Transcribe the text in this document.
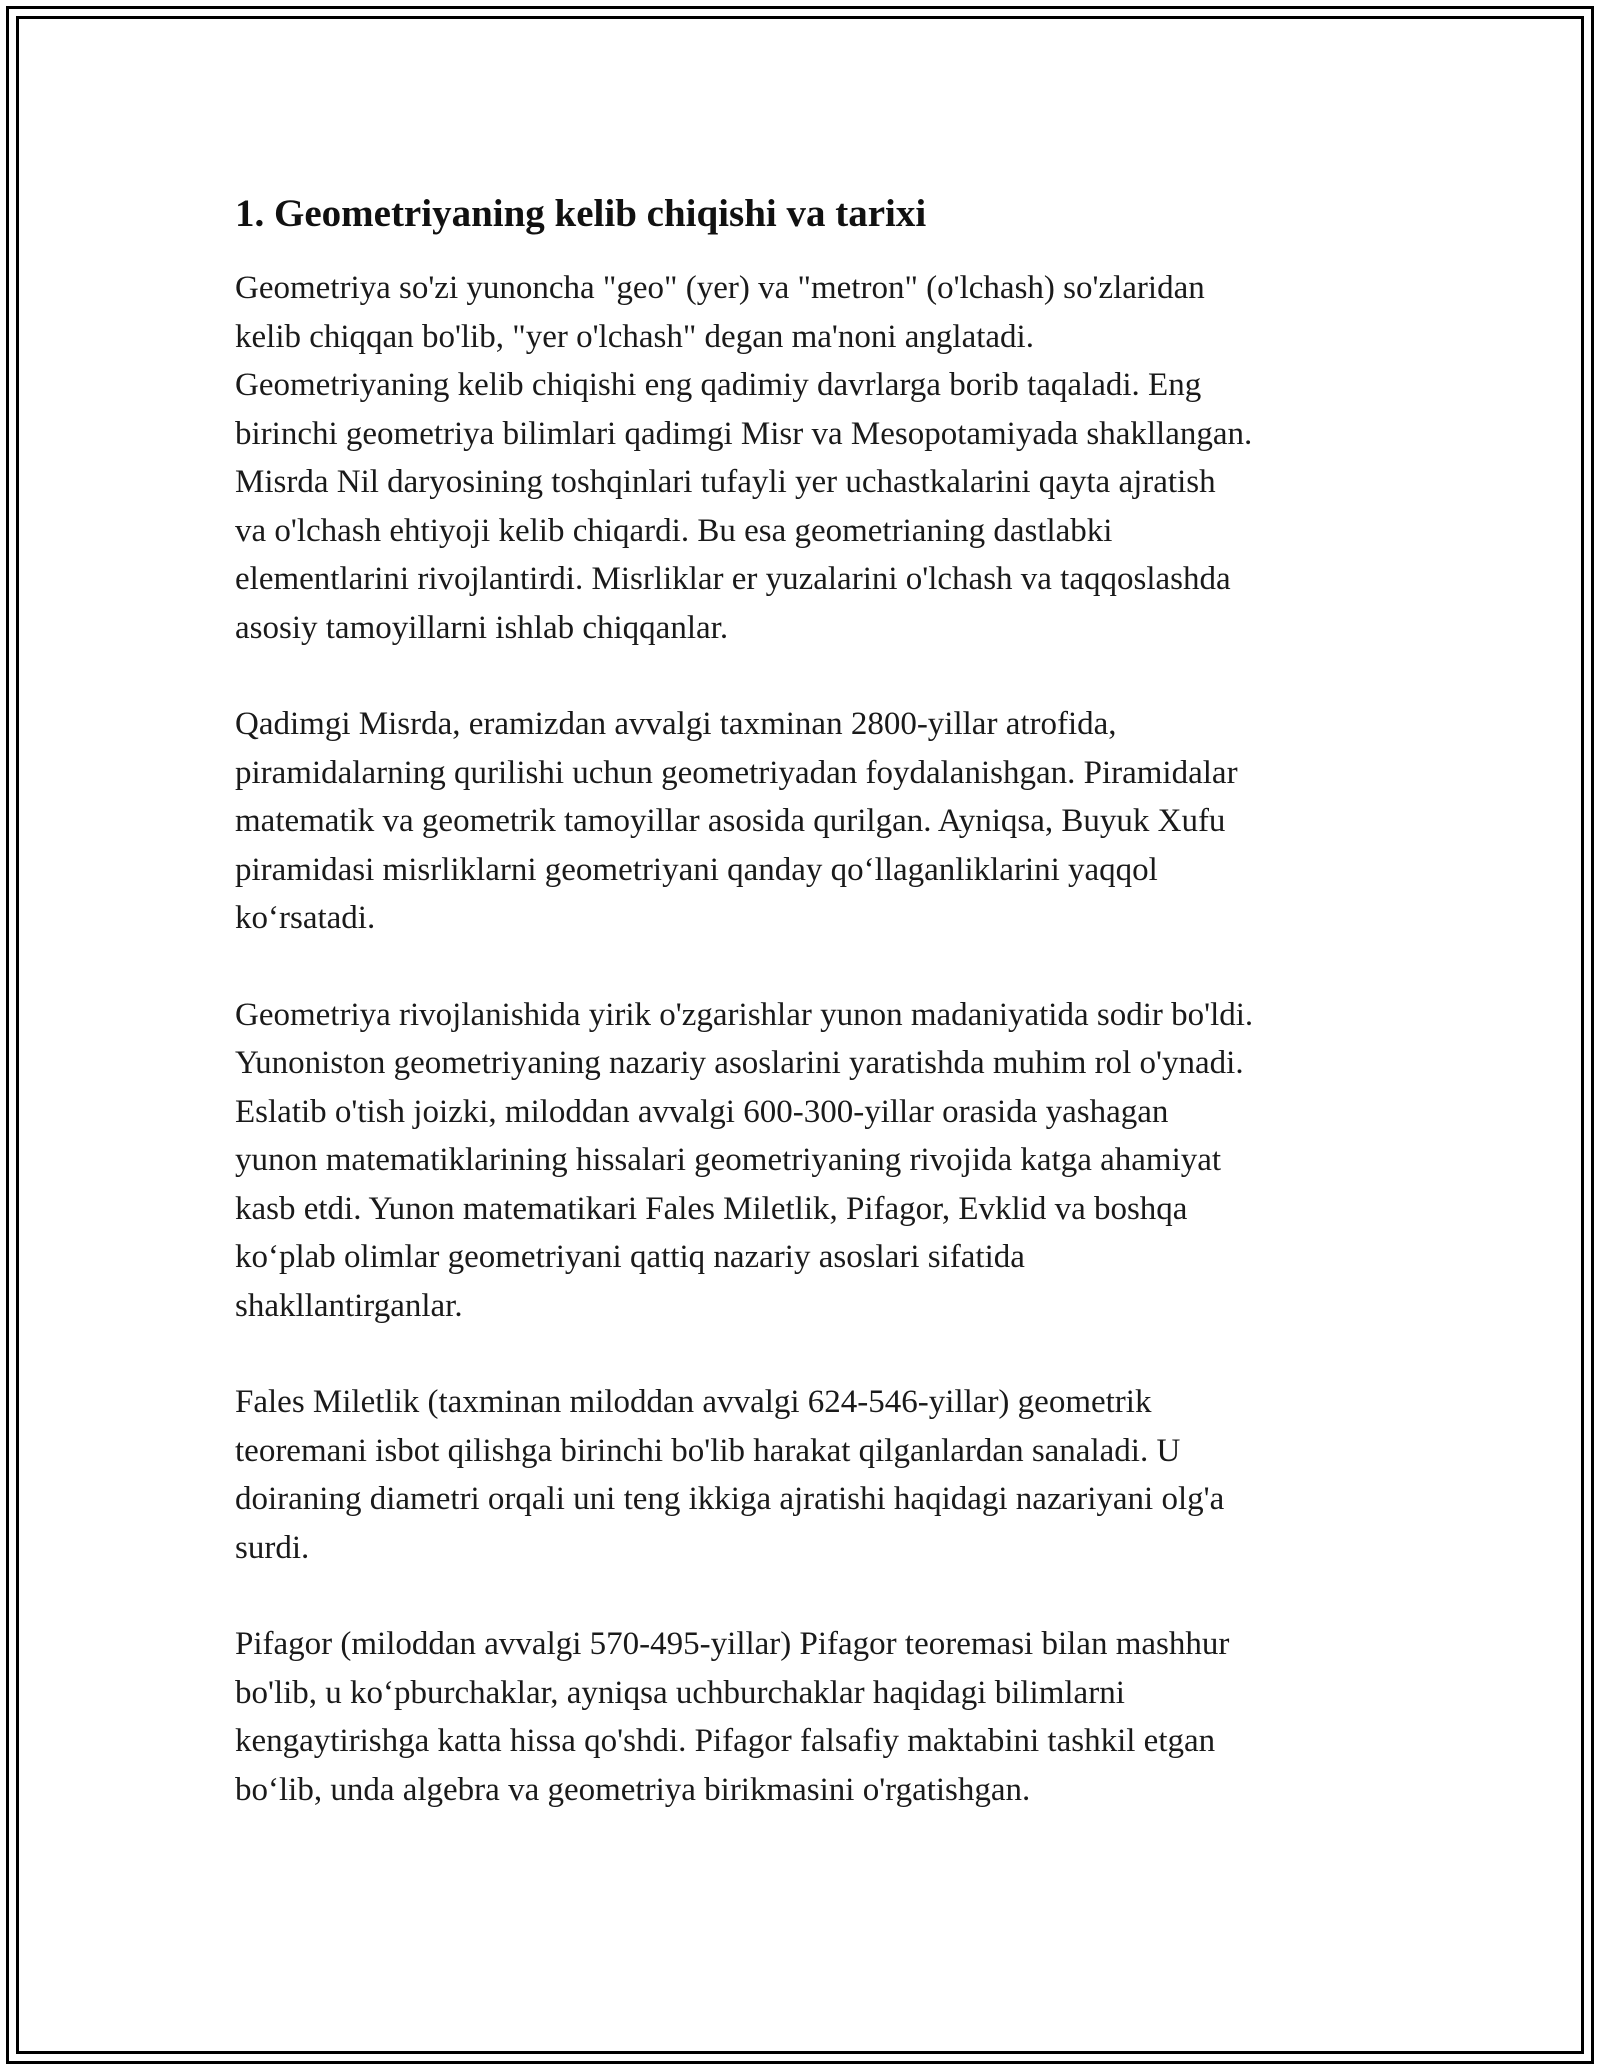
1. Geometriyaning kelib chiqishi va tarixi
Geometriya so'zi yunoncha "geo" (yer) va "metron" (o'lchash) so'zlaridan
kelib chiqqan bo'lib, "yer o'lchash" degan ma'noni anglatadi.
Geometriyaning kelib chiqishi eng qadimiy davrlarga borib taqaladi. Eng
birinchi geometriya bilimlari qadimgi Misr va Mesopotamiyada shakllangan.
Misrda Nil daryosining toshqinlari tufayli yer uchastkalarini qayta ajratish
va o'lchash ehtiyoji kelib chiqardi. Bu esa geometrianing dastlabki
elementlarini rivojlantirdi. Misrliklar er yuzalarini o'lchash va taqqoslashda
asosiy tamoyillarni ishlab chiqqanlar.
Qadimgi Misrda, eramizdan avvalgi taxminan 2800-yillar atrofida,
piramidalarning qurilishi uchun geometriyadan foydalanishgan. Piramidalar
matematik va geometrik tamoyillar asosida qurilgan. Ayniqsa, Buyuk Xufu
piramidasi misrliklarni geometriyani qanday qo‘llaganliklarini yaqqol
ko‘rsatadi.
Geometriya rivojlanishida yirik o'zgarishlar yunon madaniyatida sodir bo'ldi.
Yunoniston geometriyaning nazariy asoslarini yaratishda muhim rol o'ynadi.
Eslatib o'tish joizki, miloddan avvalgi 600-300-yillar orasida yashagan
yunon matematiklarining hissalari geometriyaning rivojida katga ahamiyat
kasb etdi. Yunon matematikari Fales Miletlik, Pifagor, Evklid va boshqa
ko‘plab olimlar geometriyani qattiq nazariy asoslari sifatida
shakllantirganlar.
Fales Miletlik (taxminan miloddan avvalgi 624-546-yillar) geometrik
teoremani isbot qilishga birinchi bo'lib harakat qilganlardan sanaladi. U
doiraning diametri orqali uni teng ikkiga ajratishi haqidagi nazariyani olg'a
surdi.
Pifagor (miloddan avvalgi 570-495-yillar) Pifagor teoremasi bilan mashhur
bo'lib, u ko‘pburchaklar, ayniqsa uchburchaklar haqidagi bilimlarni
kengaytirishga katta hissa qo'shdi. Pifagor falsafiy maktabini tashkil etgan
bo‘lib, unda algebra va geometriya birikmasini o'rgatishgan.
